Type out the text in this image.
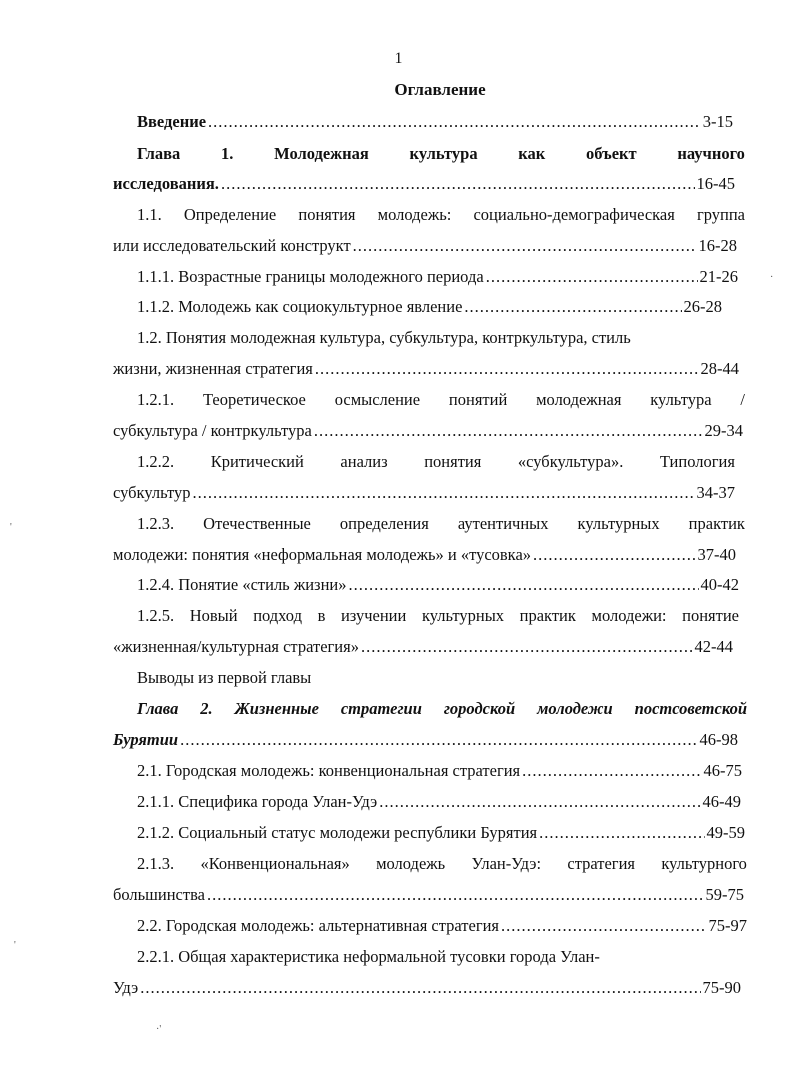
1
Оглавление
Введение .....	3-15
Глава 1. Молодежная культура как объект научного
исследования. .....	16-45
1.1. Определение понятия молодежь: социально-демографическая группа
или исследовательский конструкт .....	16-28
1.1.1. Возрастные границы молодежного периода .....	21-26
1.1.2. Молодежь как социокультурное явление .....	26-28
1.2. Понятия молодежная культура, субкультура, контркультура, стиль
жизни, жизненная стратегия .....	28-44
1.2.1. Теоретическое осмысление понятий молодежная культура /
субкультура / контркультура .....	29-34
1.2.2. Критический анализ понятия «субкультура». Типология
субкультур .....	34-37
1.2.3. Отечественные определения аутентичных культурных практик
молодежи: понятия «неформальная молодежь» и «тусовка» .....	37-40
1.2.4. Понятие «стиль жизни» .....	40-42
1.2.5. Новый подход в изучении культурных практик молодежи: понятие
«жизненная/культурная стратегия» .....	42-44
Выводы из первой главы
Глава 2. Жизненные стратегии городской молодежи постсоветской
Бурятии .....	46-98
2.1. Городская молодежь: конвенциональная стратегия .....	46-75
2.1.1. Специфика города Улан-Удэ .....	46-49
2.1.2. Социальный статус молодежи республики Бурятия .....	49-59
2.1.3. «Конвенциональная» молодежь Улан-Удэ: стратегия культурного
большинства .....	59-75
2.2. Городская молодежь: альтернативная стратегия .....	75-97
2.2.1. Общая характеристика неформальной тусовки города Улан-
Удэ .....	75-90
·
'
'
·'
